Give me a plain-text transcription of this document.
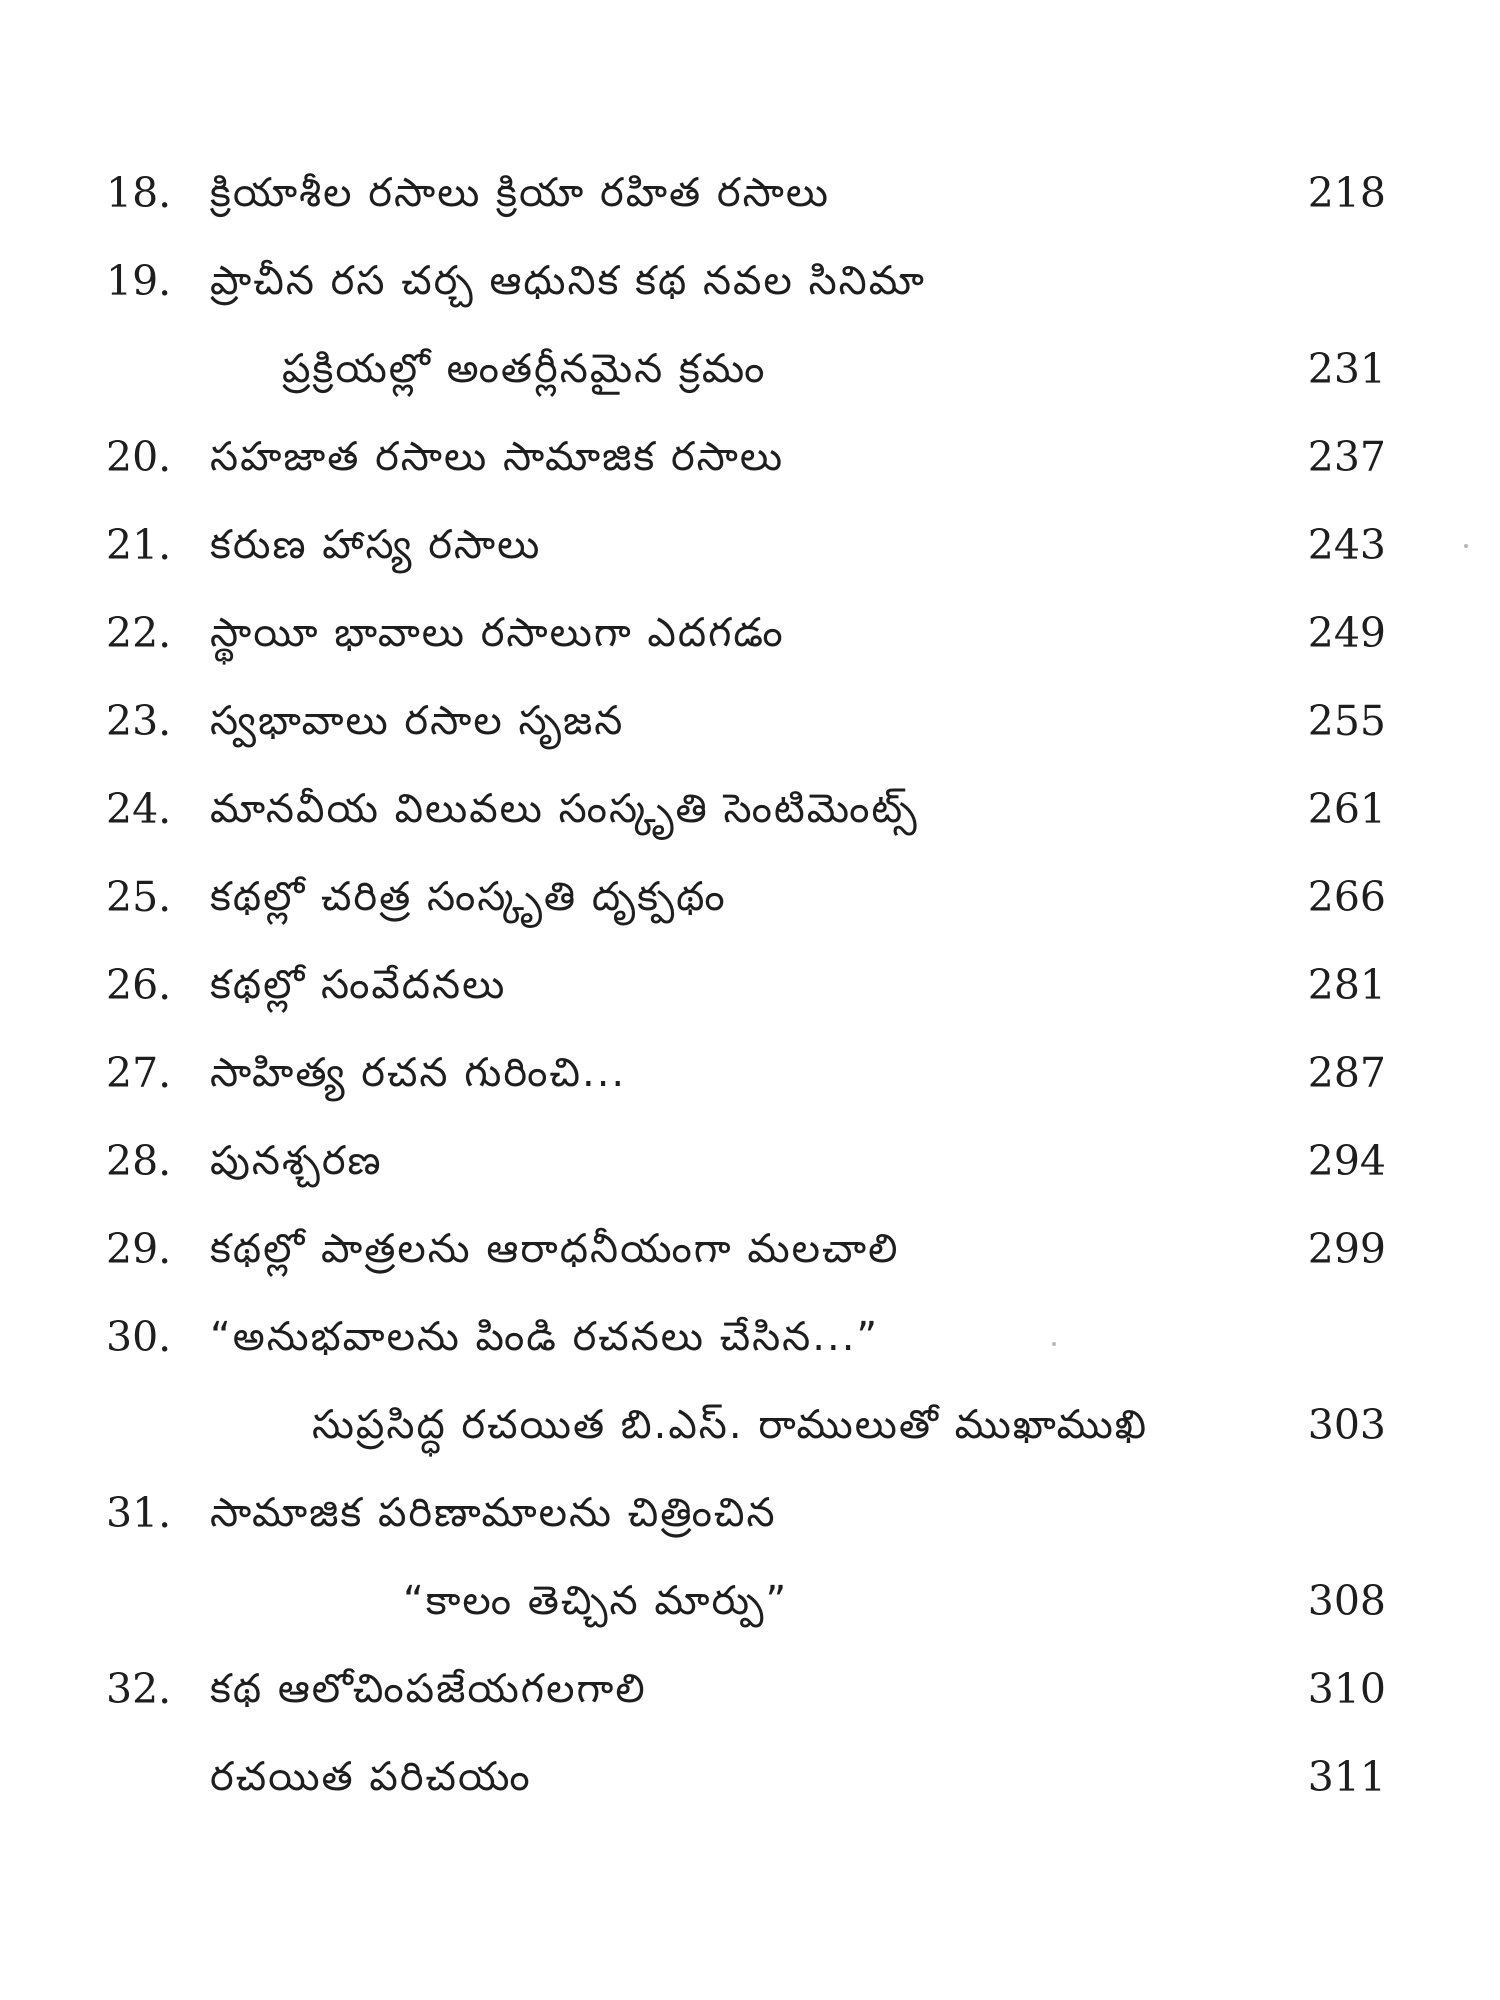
18. క్రియాశీల రసాలు క్రియా రహిత రసాలు	218
19. ప్రాచీన రస చర్చ ఆధునిక కథ నవల సినిమా
ప్రక్రియల్లో అంతర్లీనమైన క్రమం	231
20. సహజాత రసాలు సామాజిక రసాలు	237
21. కరుణ హాస్య రసాలు	243
22. స్థాయీ భావాలు రసాలుగా ఎదగడం	249
23. స్వభావాలు రసాల సృజన	255
24. మానవీయ విలువలు సంస్కృతి సెంటిమెంట్స్	261
25. కథల్లో చరిత్ర సంస్కృతి దృక్పథం	266
26. కథల్లో సంవేదనలు	281
27. సాహిత్య రచన గురించి...	287
28. పునశ్చరణ	294
29. కథల్లో పాత్రలను ఆరాధనీయంగా మలచాలి	299
30. “అనుభవాలను పిండి రచనలు చేసిన...”
సుప్రసిద్ధ రచయిత బి.ఎస్. రాములుతో ముఖాముఖి	303
31. సామాజిక పరిణామాలను చిత్రించిన
“కాలం తెచ్చిన మార్పు”	308
32. కథ ఆలోచింపజేయగలగాలి	310
రచయిత పరిచయం	311
